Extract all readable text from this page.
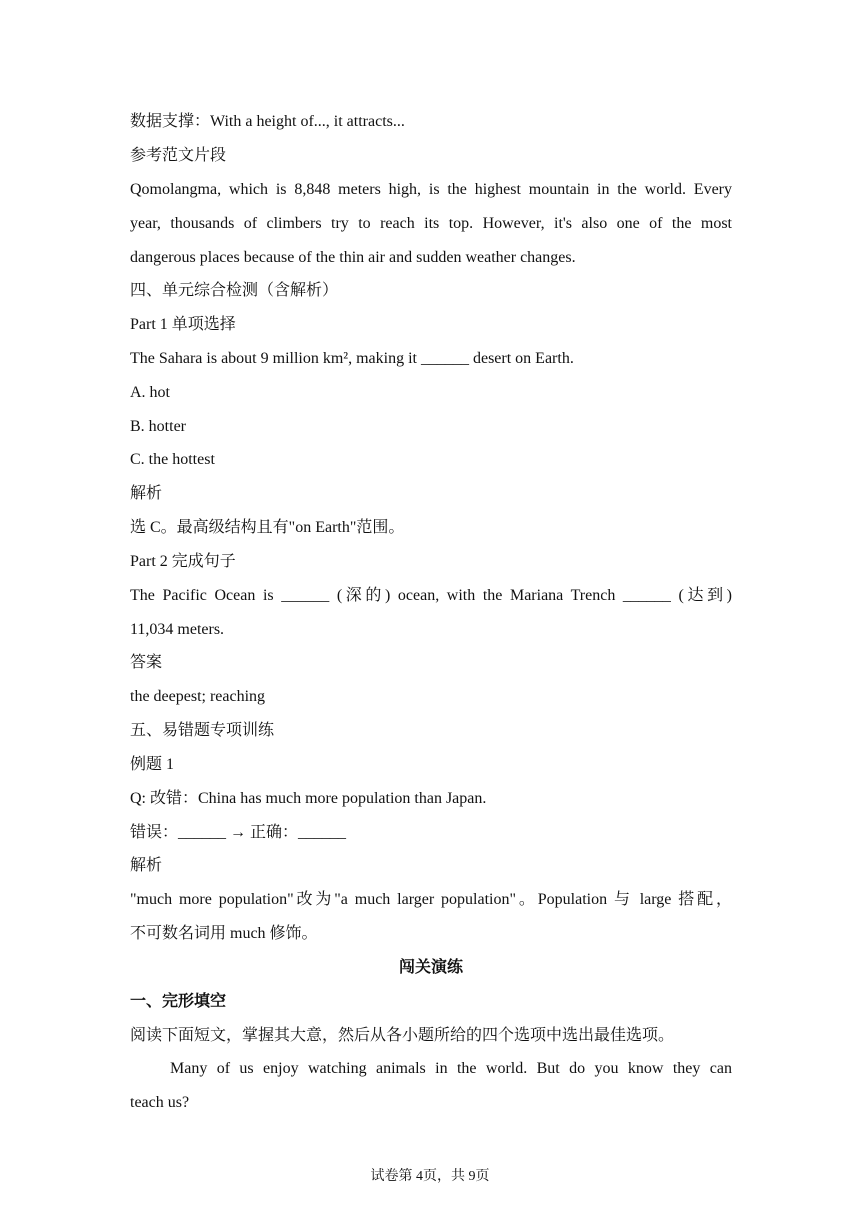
数据支撑：With a height of..., it attracts...
参考范文片段
Qomolangma, which is 8,848 meters high, is the highest mountain in the world. Every
year, thousands of climbers try to reach its top. However, it's also one of the most
dangerous places because of the thin air and sudden weather changes.
四、单元综合检测（含解析）
Part 1 单项选择
The Sahara is about 9 million km², making it ______ desert on Earth.
A. hot
B. hotter
C. the hottest
解析
选 C。最高级结构且有"on Earth"范围。
Part 2 完成句子
The Pacific Ocean is ______ (深的) ocean, with the Mariana Trench ______ (达到)
11,034 meters.
答案
the deepest; reaching
五、易错题专项训练
例题 1
Q: 改错：China has much more population than Japan.
错误：______ → 正确：______
解析
"much more population"改为"a much larger population"。Population 与 large 搭配，
不可数名词用 much 修饰。
闯关演练
一、完形填空
阅读下面短文，掌握其大意，然后从各小题所给的四个选项中选出最佳选项。
Many of us enjoy watching animals in the world. But do you know they can
teach us?
试卷第 4页，共 9页
